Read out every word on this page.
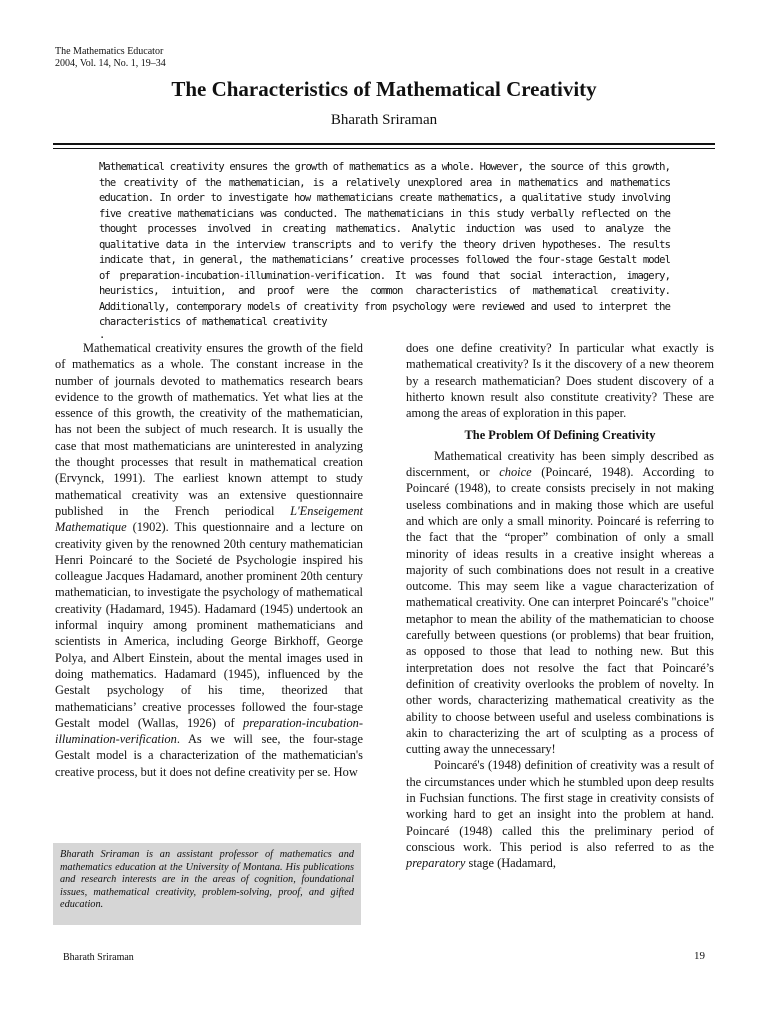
The Mathematics Educator
2004, Vol. 14, No. 1, 19–34
The Characteristics of Mathematical Creativity
Bharath Sriraman
Mathematical creativity ensures the growth of mathematics as a whole. However, the source of this growth, the creativity of the mathematician, is a relatively unexplored area in mathematics and mathematics education. In order to investigate how mathematicians create mathematics, a qualitative study involving five creative mathematicians was conducted. The mathematicians in this study verbally reflected on the thought processes involved in creating mathematics. Analytic induction was used to analyze the qualitative data in the interview transcripts and to verify the theory driven hypotheses. The results indicate that, in general, the mathematicians’ creative processes followed the four-stage Gestalt model of preparation-incubation-illumination-verification. It was found that social interaction, imagery, heuristics, intuition, and proof were the common characteristics of mathematical creativity. Additionally, contemporary models of creativity from psychology were reviewed and used to interpret the characteristics of mathematical creativity
.

Mathematical creativity ensures the growth of the field of mathematics as a whole. The constant increase in the number of journals devoted to mathematics research bears evidence to the growth of mathematics. Yet what lies at the essence of this growth, the creativity of the mathematician, has not been the subject of much research. It is usually the case that most mathematicians are uninterested in analyzing the thought processes that result in mathematical creation (Ervynck, 1991). The earliest known attempt to study mathematical creativity was an extensive questionnaire published in the French periodical L'Enseigement Mathematique (1902). This questionnaire and a lecture on creativity given by the renowned 20th century mathematician Henri Poincaré to the Societé de Psychologie inspired his colleague Jacques Hadamard, another prominent 20th century mathematician, to investigate the psychology of mathematical creativity (Hadamard, 1945). Hadamard (1945) undertook an informal inquiry among prominent mathematicians and scientists in America, including George Birkhoff, George Polya, and Albert Einstein, about the mental images used in doing mathematics. Hadamard (1945), influenced by the Gestalt psychology of his time, theorized that mathematicians’ creative processes followed the four-stage Gestalt model (Wallas, 1926) of preparation-incubation-illumination-verification. As we will see, the four-stage Gestalt model is a characterization of the mathematician's creative process, but it does not define creativity per se. How

Bharath Sriraman is an assistant professor of mathematics and mathematics education at the University of Montana. His publications and research interests are in the areas of cognition, foundational issues, mathematical creativity, problem-solving, proof, and gifted education.

does one define creativity? In particular what exactly is mathematical creativity? Is it the discovery of a new theorem by a research mathematician? Does student discovery of a hitherto known result also constitute creativity? These are among the areas of exploration in this paper.

The Problem Of Defining Creativity

Mathematical creativity has been simply described as discernment, or choice (Poincaré, 1948). According to Poincaré (1948), to create consists precisely in not making useless combinations and in making those which are useful and which are only a small minority. Poincaré is referring to the fact that the “proper” combination of only a small minority of ideas results in a creative insight whereas a majority of such combinations does not result in a creative outcome. This may seem like a vague characterization of mathematical creativity. One can interpret Poincaré's "choice" metaphor to mean the ability of the mathematician to choose carefully between questions (or problems) that bear fruition, as opposed to those that lead to nothing new. But this interpretation does not resolve the fact that Poincaré’s definition of creativity overlooks the problem of novelty. In other words, characterizing mathematical creativity as the ability to choose between useful and useless combinations is akin to characterizing the art of sculpting as a process of cutting away the unnecessary!

Poincaré's (1948) definition of creativity was a result of the circumstances under which he stumbled upon deep results in Fuchsian functions. The first stage in creativity consists of working hard to get an insight into the problem at hand. Poincaré (1948) called this the preliminary period of conscious work. This period is also referred to as the preparatory stage (Hadamard,

Bharath Sriraman	19
